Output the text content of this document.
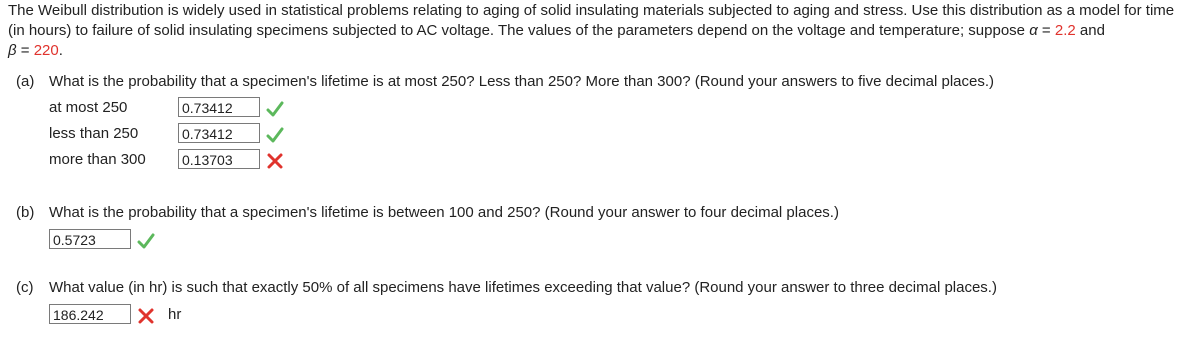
The Weibull distribution is widely used in statistical problems relating to aging of solid insulating materials subjected to aging and stress. Use this distribution as a model for time (in hours) to failure of solid insulating specimens subjected to AC voltage. The values of the parameters depend on the voltage and temperature; suppose α = 2.2 and
β = 220.
(a) What is the probability that a specimen's lifetime is at most 250? Less than 250? More than 300? (Round your answers to five decimal places.)
at most 250	0.73412
less than 250	0.73412
more than 300	0.13703
(b) What is the probability that a specimen's lifetime is between 100 and 250? (Round your answer to four decimal places.)
0.5723
(c) What value (in hr) is such that exactly 50% of all specimens have lifetimes exceeding that value? (Round your answer to three decimal places.)
186.242	hr
